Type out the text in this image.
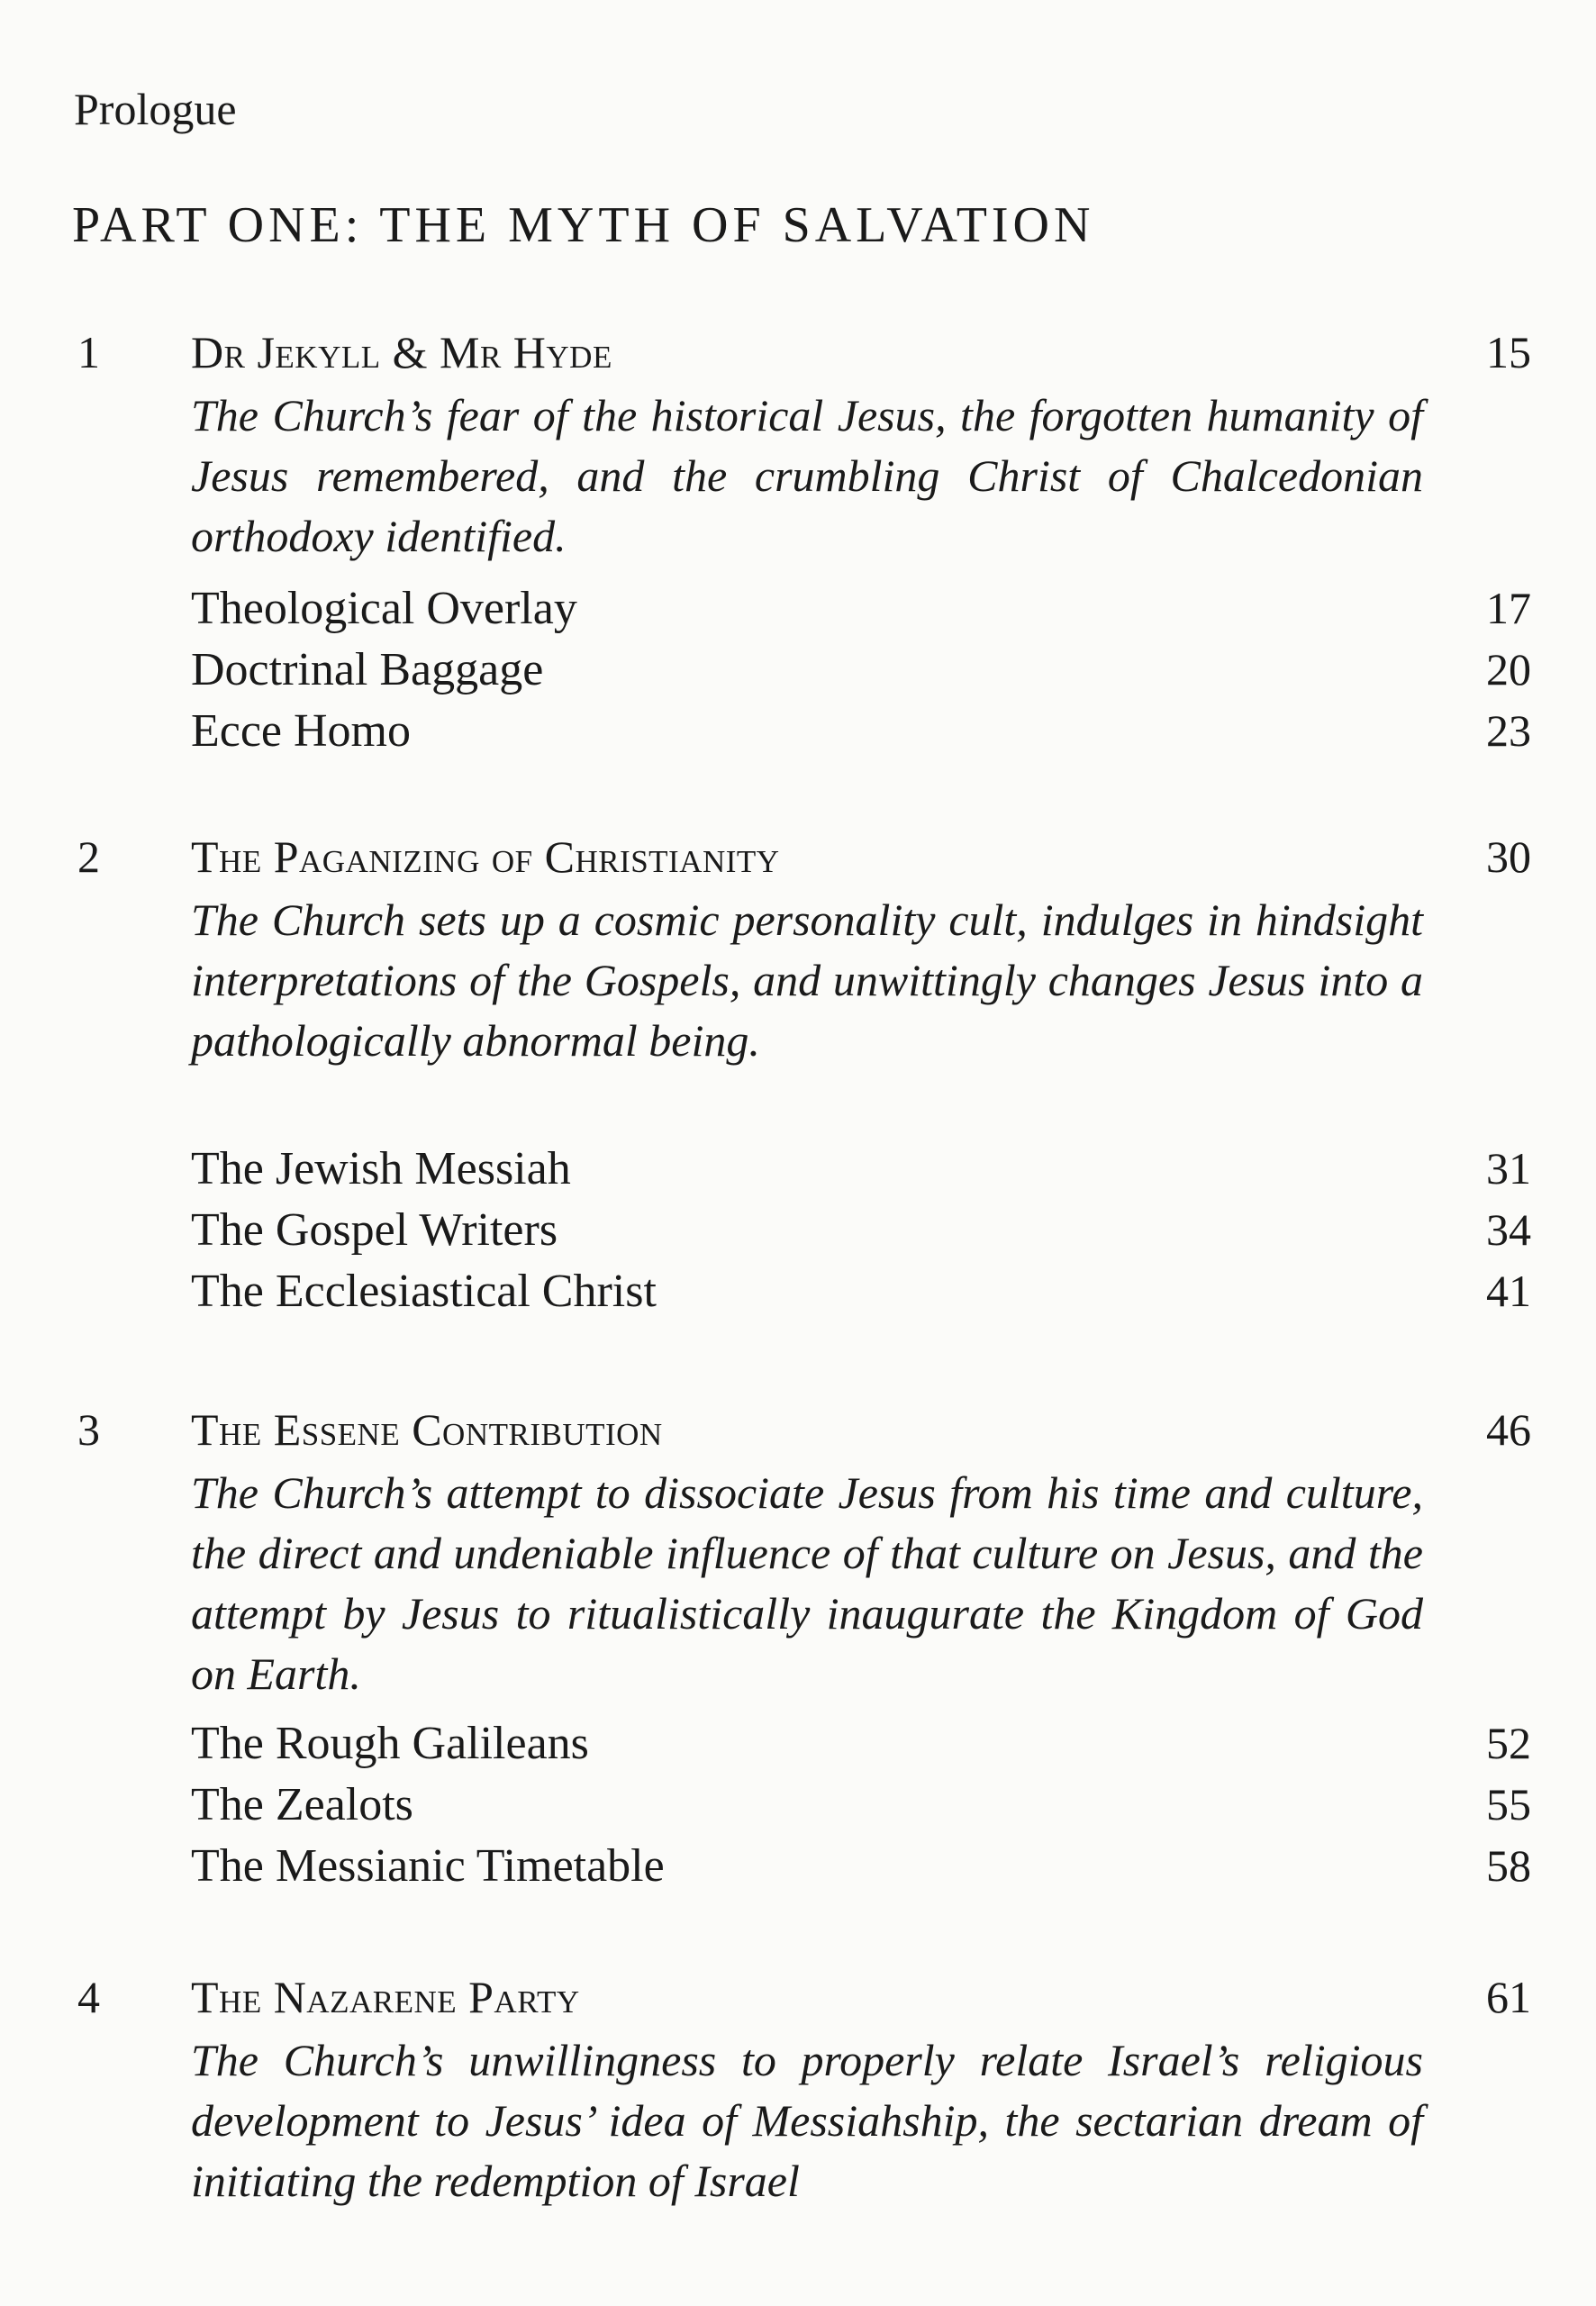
Prologue
PART ONE: THE MYTH OF SALVATION
1 Dr Jekyll & Mr Hyde	15
The Church’s fear of the historical Jesus, the forgotten humanity of Jesus remembered, and the crumbling Christ of Chalcedonian orthodoxy identified.
Theological Overlay	17
Doctrinal Baggage	20
Ecce Homo	23
2 The Paganizing of Christianity	30
The Church sets up a cosmic personality cult, indulges in hindsight interpretations of the Gospels, and unwittingly changes Jesus into a pathologically abnormal being.
The Jewish Messiah	31
The Gospel Writers	34
The Ecclesiastical Christ	41
3 The Essene Contribution	46
The Church’s attempt to dissociate Jesus from his time and culture, the direct and undeniable influence of that culture on Jesus, and the attempt by Jesus to ritualistically inaugurate the Kingdom of God on Earth.
The Rough Galileans	52
The Zealots	55
The Messianic Timetable	58
4 The Nazarene Party	61
The Church’s unwillingness to properly relate Israel’s religious development to Jesus’ idea of Messiahship, the sectarian dream of initiating the redemption of Israel
